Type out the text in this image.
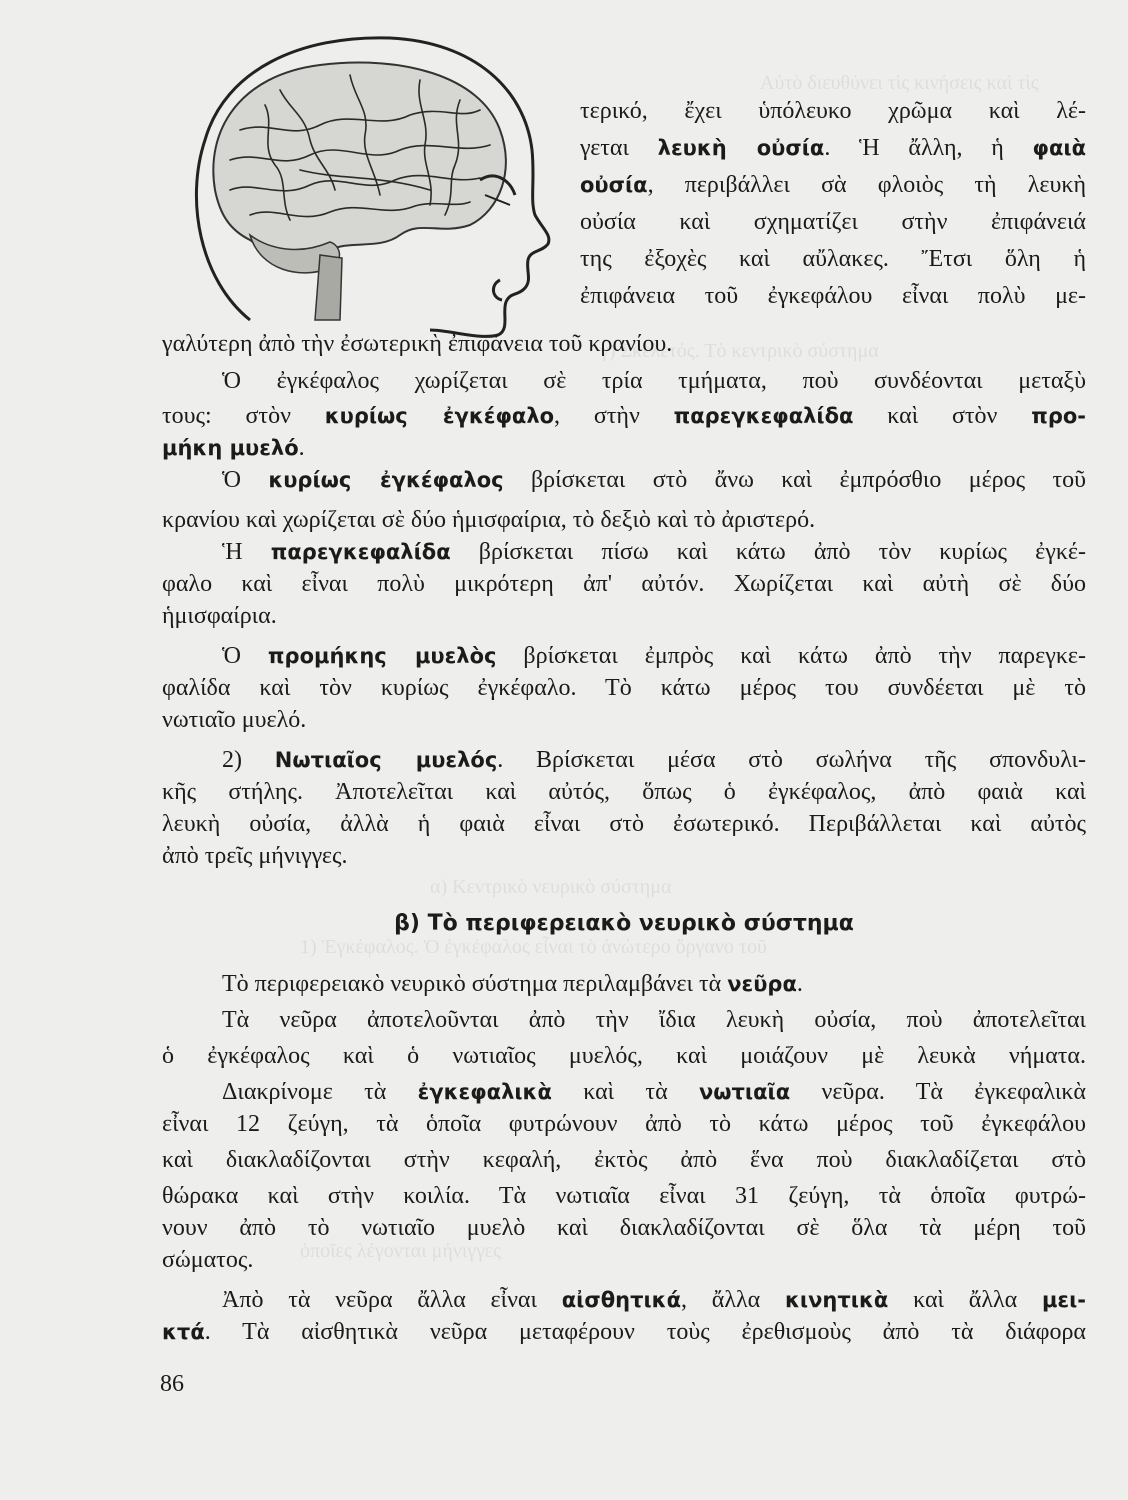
Αὐτὸ διευθύνει τὶς κινήσεις καὶ τὶς
γ) Σκελετός. Τὸ κεντρικὸ σύστημα
1) Ἐγκέφαλος. Ὁ ἐγκέφαλος εἶναι τὸ ἀνώτερο ὄργανο τοῦ
α) Κεντρικὸ νευρικὸ σύστημα
ὁποῖες λέγονται μήνιγγες
τερικό, ἔχει ὑπόλευκο χρῶμα καὶ λέ-
γεται λευκὴ οὐσία. Ἡ ἄλλη, ἡ φαιὰ
οὐσία, περιβάλλει σὰ φλοιὸς τὴ λευκὴ
οὐσία καὶ σχηματίζει στὴν ἐπιφάνειά
της ἐξοχὲς καὶ αὔλακες. Ἔτσι ὅλη ἡ
ἐπιφάνεια τοῦ ἐγκεφάλου εἶναι πολὺ με-
γαλύτερη ἀπὸ τὴν ἐσωτερικὴ ἐπιφάνεια τοῦ κρανίου.
Ὁ ἐγκέφαλος χωρίζεται σὲ τρία τμήματα, ποὺ συνδέονται μεταξὺ
τους: στὸν κυρίως ἐγκέφαλο, στὴν παρεγκεφαλίδα καὶ στὸν προ-
μήκη μυελό.
Ὁ κυρίως ἐγκέφαλος βρίσκεται στὸ ἄνω καὶ ἐμπρόσθιο μέρος τοῦ
κρανίου καὶ χωρίζεται σὲ δύο ἡμισφαίρια, τὸ δεξιὸ καὶ τὸ ἀριστερό.
Ἡ παρεγκεφαλίδα βρίσκεται πίσω καὶ κάτω ἀπὸ τὸν κυρίως ἐγκέ-
φαλο καὶ εἶναι πολὺ μικρότερη ἀπ' αὐτόν. Χωρίζεται καὶ αὐτὴ σὲ δύο
ἡμισφαίρια.
Ὁ προμήκης μυελὸς βρίσκεται ἐμπρὸς καὶ κάτω ἀπὸ τὴν παρεγκε-
φαλίδα καὶ τὸν κυρίως ἐγκέφαλο. Τὸ κάτω μέρος του συνδέεται μὲ τὸ
νωτιαῖο μυελό.
2) Νωτιαῖος μυελός. Βρίσκεται μέσα στὸ σωλήνα τῆς σπονδυλι-
κῆς στήλης. Ἀποτελεῖται καὶ αὐτός, ὅπως ὁ ἐγκέφαλος, ἀπὸ φαιὰ καὶ
λευκὴ οὐσία, ἀλλὰ ἡ φαιὰ εἶναι στὸ ἐσωτερικό. Περιβάλλεται καὶ αὐτὸς
ἀπὸ τρεῖς μήνιγγες.
β) Τὸ περιφερειακὸ νευρικὸ σύστημα
Τὸ περιφερειακὸ νευρικὸ σύστημα περιλαμβάνει τὰ νεῦρα.
Τὰ νεῦρα ἀποτελοῦνται ἀπὸ τὴν ἴδια λευκὴ οὐσία, ποὺ ἀποτελεῖται
ὁ ἐγκέφαλος καὶ ὁ νωτιαῖος μυελός, καὶ μοιάζουν μὲ λευκὰ νήματα.
Διακρίνομε τὰ ἐγκεφαλικὰ καὶ τὰ νωτιαῖα νεῦρα. Τὰ ἐγκεφαλικὰ
εἶναι 12 ζεύγη, τὰ ὁποῖα φυτρώνουν ἀπὸ τὸ κάτω μέρος τοῦ ἐγκεφάλου
καὶ διακλαδίζονται στὴν κεφαλή, ἐκτὸς ἀπὸ ἕνα ποὺ διακλαδίζεται στὸ
θώρακα καὶ στὴν κοιλία. Τὰ νωτιαῖα εἶναι 31 ζεύγη, τὰ ὁποῖα φυτρώ-
νουν ἀπὸ τὸ νωτιαῖο μυελὸ καὶ διακλαδίζονται σὲ ὅλα τὰ μέρη τοῦ
σώματος.
Ἀπὸ τὰ νεῦρα ἄλλα εἶναι αἰσθητικά, ἄλλα κινητικὰ καὶ ἄλλα μει-
κτά. Τὰ αἰσθητικὰ νεῦρα μεταφέρουν τοὺς ἐρεθισμοὺς ἀπὸ τὰ διάφορα
86
